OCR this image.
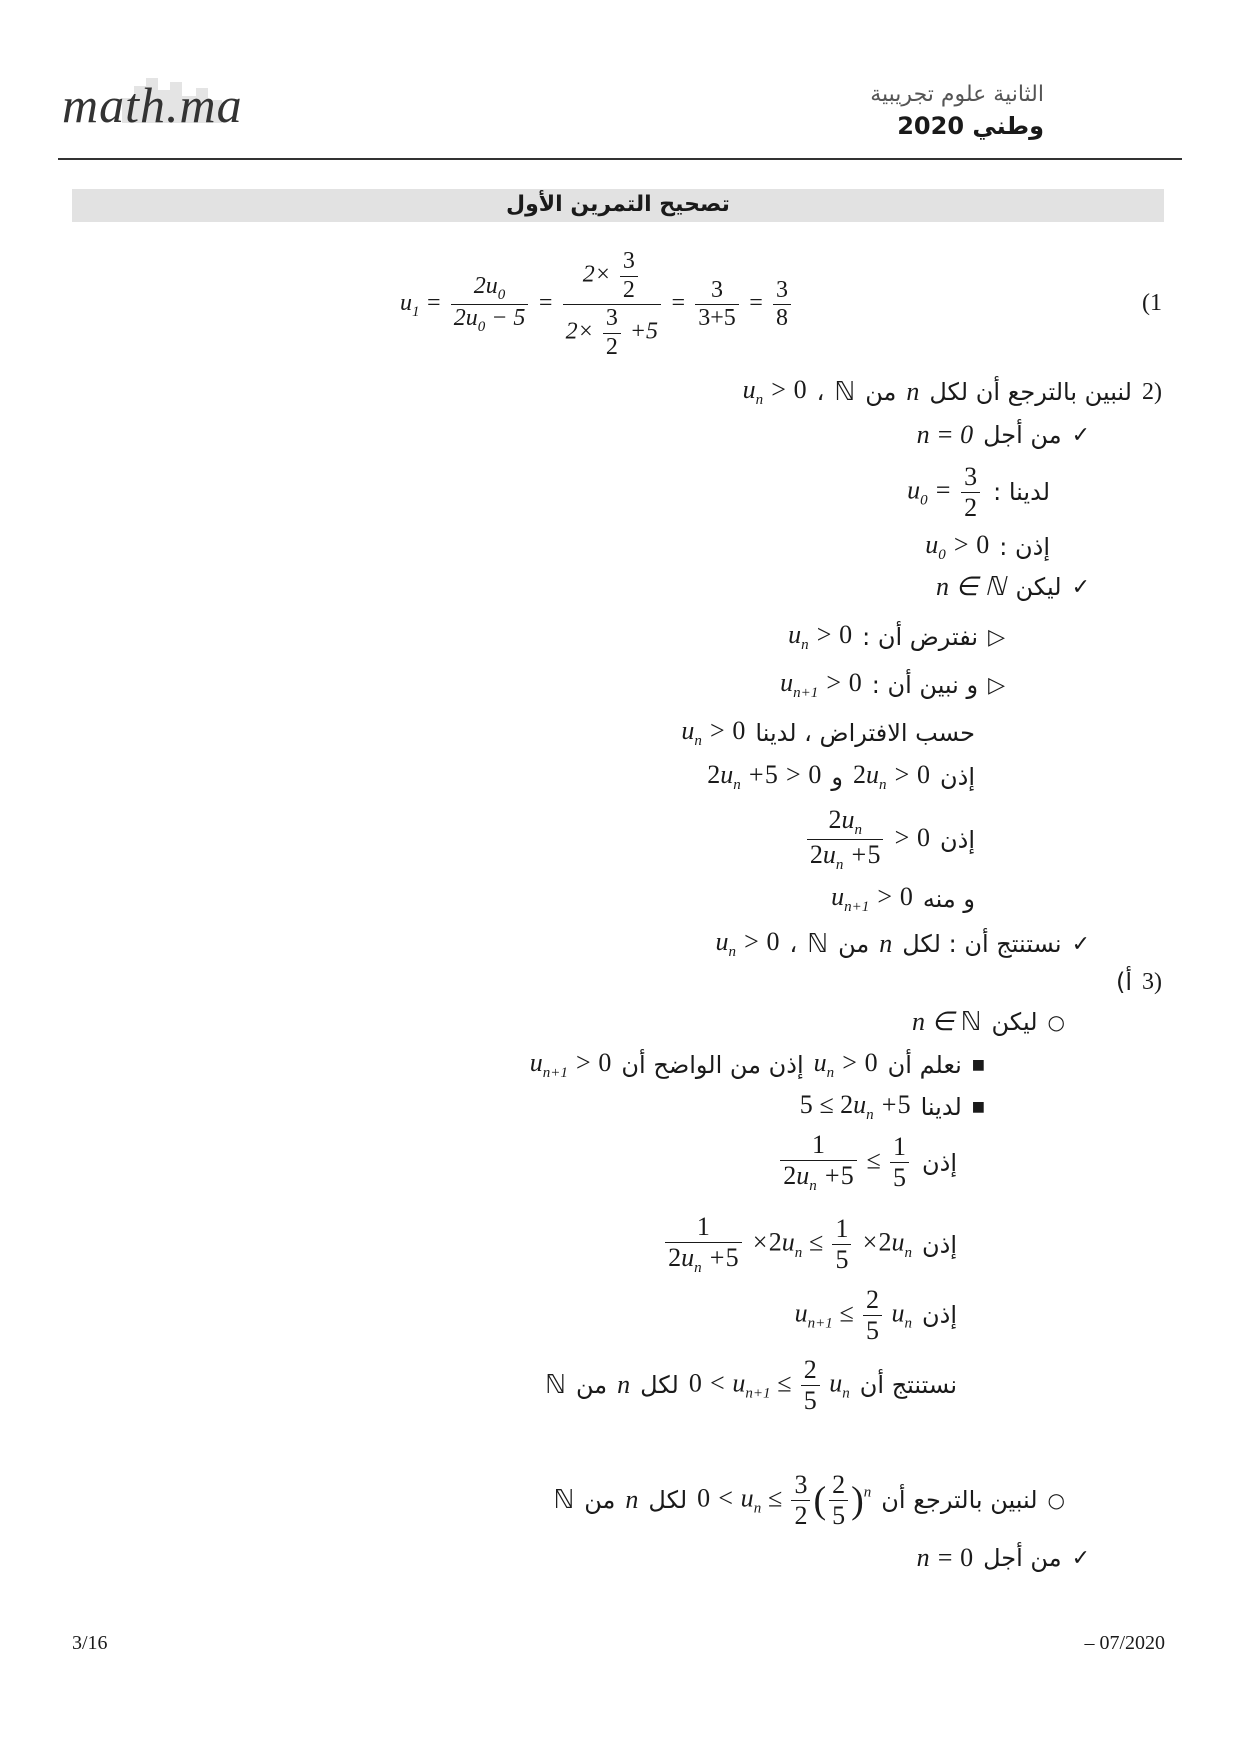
math.ma	الثانية علوم تجريبية
وطني 2020
تصحيح التمرين الأول
(1
$u_1 = \frac{2u_0}{2u_0 - 5} = \frac{2\times \frac{3}{2}}{2\times \frac{3}{2} +5} = \frac{3}{3+5} = \frac{3}{8}$
(2
لنبين بالترجع أن لكل
n
من
ℕ
،
$u_n > 0$
✓
من أجل
n = 0
لدينا :
$u_0 = \frac{3}{2}$
إذن :
$u_0 > 0$
✓
ليكن
n ∈ ℕ
▷
نفترض أن :
$u_n > 0$
▷
و نبين أن :
$u_{n+1} > 0$
حسب الافتراض ، لدينا
$u_n > 0$
إذن
$2u_n > 0$
و
$2u_n +5 > 0$
إذن
$\frac{2u_n}{2u_n +5} > 0$
و منه
$u_{n+1} > 0$
✓
نستنتج أن : لكل
n
من
ℕ
،
$u_n > 0$
(3
أ)
○
ليكن
n ∈ ℕ
■
نعلم أن
$u_n > 0$
إذن من الواضح أن
$u_{n+1} > 0$
■
لدينا
$5 \le 2u_n +5$
إذن
$\frac{1}{2u_n +5} \le \frac{1}{5}$
إذن
$\frac{1}{2u_n +5} \times 2u_n \le \frac{1}{5} \times 2u_n$
إذن
$u_{n+1} \le \frac{2}{5} u_n$
نستنتج أن
$0 < u_{n+1} \le \frac{2}{5} u_n$
لكل
n
من
ℕ
○
لنبين بالترجع أن
$0 < u_n \le \frac{3}{2}$ ( $\frac{2}{5} )^n$
لكل
n
من
ℕ
✓
من أجل
n = 0
3/16	– 07/2020
